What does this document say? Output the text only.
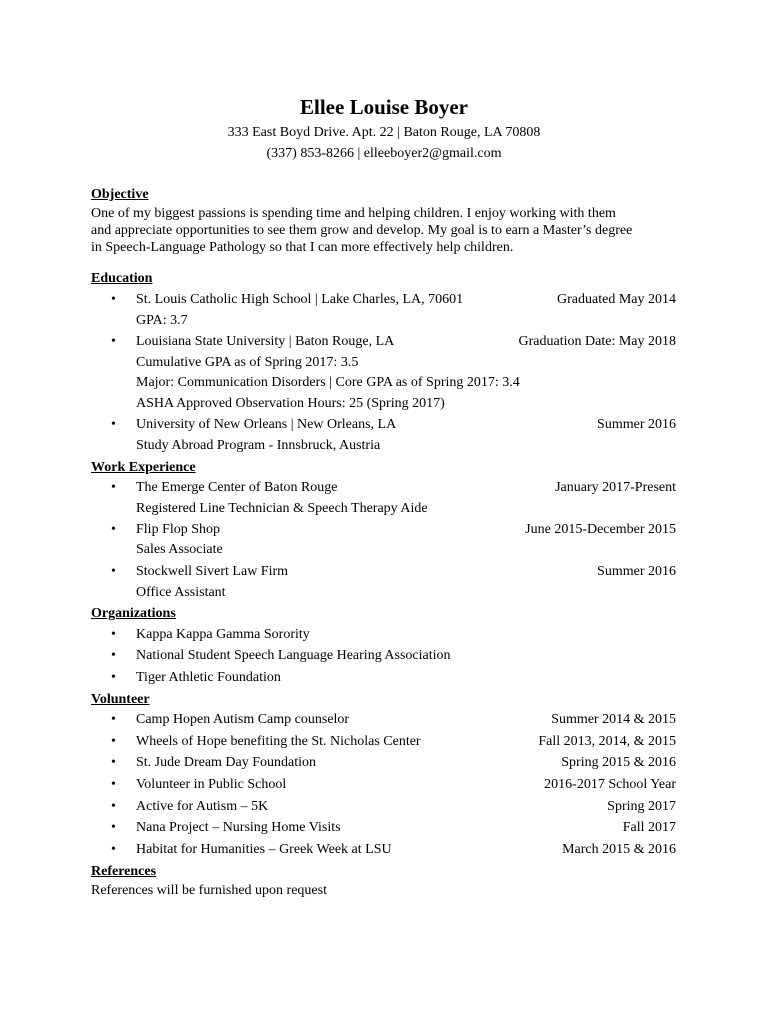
Ellee Louise Boyer
333 East Boyd Drive. Apt. 22 | Baton Rouge, LA 70808
(337) 853-8266 | elleeboyer2@gmail.com
Objective
One of my biggest passions is spending time and helping children. I enjoy working with them
and appreciate opportunities to see them grow and develop. My goal is to earn a Master’s degree
in Speech-Language Pathology so that I can more effectively help children.
Education
• St. Louis Catholic High School | Lake Charles, LA, 70601	Graduated May 2014
GPA: 3.7
• Louisiana State University | Baton Rouge, LA	Graduation Date: May 2018
Cumulative GPA as of Spring 2017: 3.5
Major: Communication Disorders | Core GPA as of Spring 2017: 3.4
ASHA Approved Observation Hours: 25 (Spring 2017)
• University of New Orleans | New Orleans, LA	Summer 2016
Study Abroad Program - Innsbruck, Austria
Work Experience
• The Emerge Center of Baton Rouge	January 2017-Present
Registered Line Technician & Speech Therapy Aide
• Flip Flop Shop	June 2015-December 2015
Sales Associate
• Stockwell Sivert Law Firm	Summer 2016
Office Assistant
Organizations
• Kappa Kappa Gamma Sorority
• National Student Speech Language Hearing Association
• Tiger Athletic Foundation
Volunteer
• Camp Hopen Autism Camp counselor	Summer 2014 & 2015
• Wheels of Hope benefiting the St. Nicholas Center	Fall 2013, 2014, & 2015
• St. Jude Dream Day Foundation	Spring 2015 & 2016
• Volunteer in Public School	2016-2017 School Year
• Active for Autism – 5K	Spring 2017
• Nana Project – Nursing Home Visits	Fall 2017
• Habitat for Humanities – Greek Week at LSU	March 2015 & 2016
References
References will be furnished upon request
